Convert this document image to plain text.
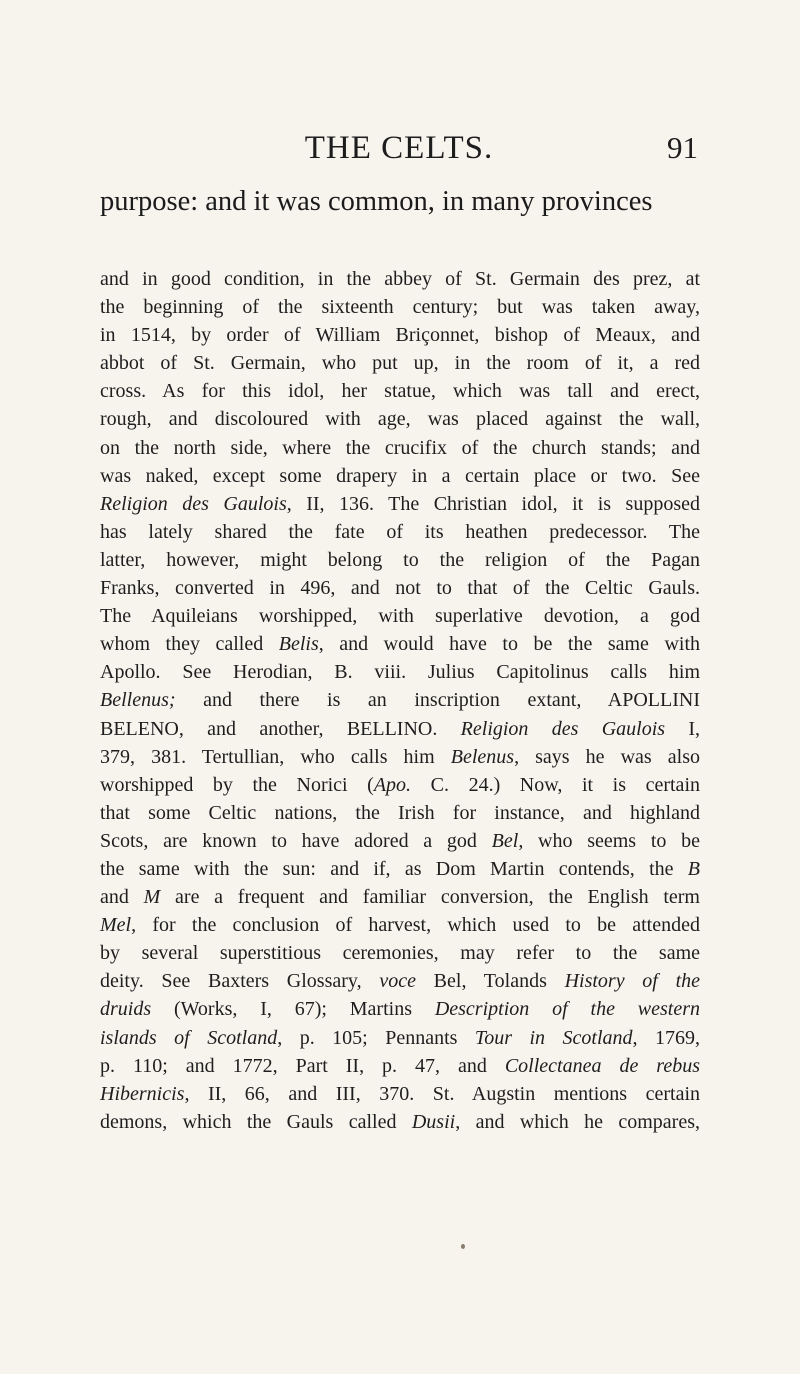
THE CELTS.	91
purpose: and it was common, in many provinces
and in good condition, in the abbey of St. Germain des prez, at
the beginning of the sixteenth century; but was taken away,
in 1514, by order of William Briçonnet, bishop of Meaux, and
abbot of St. Germain, who put up, in the room of it, a red
cross. As for this idol, her statue, which was tall and erect,
rough, and discoloured with age, was placed against the wall,
on the north side, where the crucifix of the church stands; and
was naked, except some drapery in a certain place or two. See
Religion des Gaulois, II, 136. The Christian idol, it is supposed
has lately shared the fate of its heathen predecessor. The
latter, however, might belong to the religion of the Pagan
Franks, converted in 496, and not to that of the Celtic Gauls.
The Aquileians worshipped, with superlative devotion, a god
whom they called Belis, and would have to be the same with
Apollo. See Herodian, B. viii. Julius Capitolinus calls him
Bellenus; and there is an inscription extant, APOLLINI
BELENO, and another, BELLINO. Religion des Gaulois I,
379, 381. Tertullian, who calls him Belenus, says he was also
worshipped by the Norici (Apo. C. 24.) Now, it is certain
that some Celtic nations, the Irish for instance, and highland
Scots, are known to have adored a god Bel, who seems to be
the same with the sun: and if, as Dom Martin contends, the B
and M are a frequent and familiar conversion, the English term
Mel, for the conclusion of harvest, which used to be attended
by several superstitious ceremonies, may refer to the same
deity. See Baxters Glossary, voce Bel, Tolands History of the
druids (Works, I, 67); Martins Description of the western
islands of Scotland, p. 105; Pennants Tour in Scotland, 1769,
p. 110; and 1772, Part II, p. 47, and Collectanea de rebus
Hibernicis, II, 66, and III, 370. St. Augstin mentions certain
demons, which the Gauls called Dusii, and which he compares,
